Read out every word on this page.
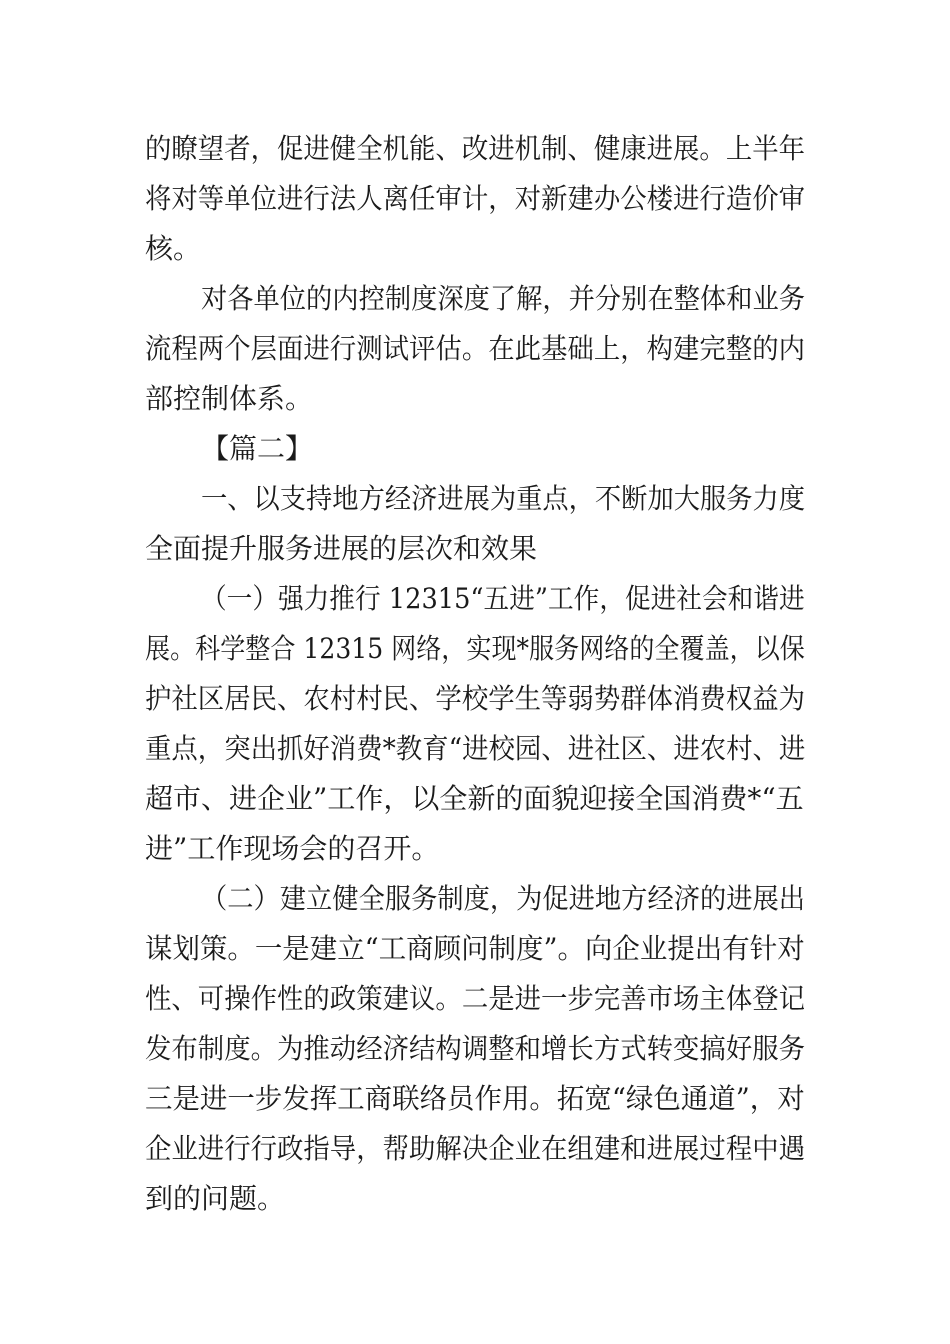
的瞭望者，促进健全机能、改进机制、健康进展。上半年
将对等单位进行法人离任审计，对新建办公楼进行造价审
核。
对各单位的内控制度深度了解，并分别在整体和业务
流程两个层面进行测试评估。在此基础上，构建完整的内
部控制体系。
【篇二】
一、以支持地方经济进展为重点，不断加大服务力度
全面提升服务进展的层次和效果
（一）强力推行 12315“五进”工作，促进社会和谐进
展。科学整合 12315 网络，实现*服务网络的全覆盖，以保
护社区居民、农村村民、学校学生等弱势群体消费权益为
重点，突出抓好消费*教育“进校园、进社区、进农村、进
超市、进企业”工作，以全新的面貌迎接全国消费*“五
进”工作现场会的召开。
（二）建立健全服务制度，为促进地方经济的进展出
谋划策。一是建立“工商顾问制度”。向企业提出有针对
性、可操作性的政策建议。二是进一步完善市场主体登记
发布制度。为推动经济结构调整和增长方式转变搞好服务
三是进一步发挥工商联络员作用。拓宽“绿色通道”，对
企业进行行政指导，帮助解决企业在组建和进展过程中遇
到的问题。
